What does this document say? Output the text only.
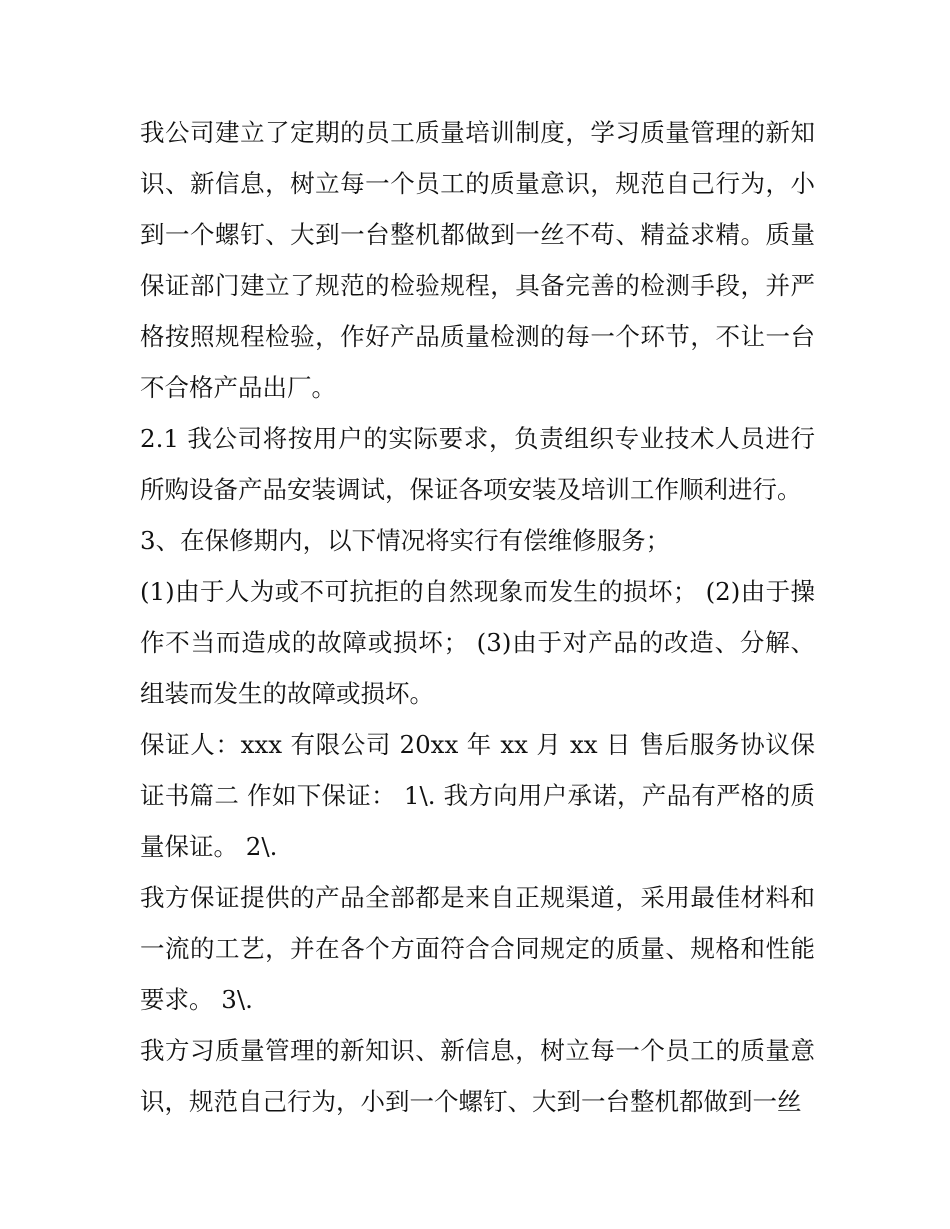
我公司建立了定期的员工质量培训制度，学习质量管理的新知识、新信息，树立每一个员工的质量意识，规范自己行为，小到一个螺钉、大到一台整机都做到一丝不苟、精益求精。质量保证部门建立了规范的检验规程，具备完善的检测手段，并严格按照规程检验，作好产品质量检测的每一个环节，不让一台不合格产品出厂。

2.1 我公司将按用户的实际要求，负责组织专业技术人员进行所购设备产品安装调试，保证各项安装及培训工作顺利进行。

3、在保修期内，以下情况将实行有偿维修服务；

(1)由于人为或不可抗拒的自然现象而发生的损坏； (2)由于操作不当而造成的故障或损坏； (3)由于对产品的改造、分解、组装而发生的故障或损坏。

保证人：xxx 有限公司 20xx 年 xx 月 xx 日 售后服务协议保证书篇二 作如下保证： 1\. 我方向用户承诺，产品有严格的质量保证。 2\.

我方保证提供的产品全部都是来自正规渠道，采用最佳材料和一流的工艺，并在各个方面符合合同规定的质量、规格和性能要求。 3\.

我方习质量管理的新知识、新信息，树立每一个员工的质量意识，规范自己行为，小到一个螺钉、大到一台整机都做到一丝
